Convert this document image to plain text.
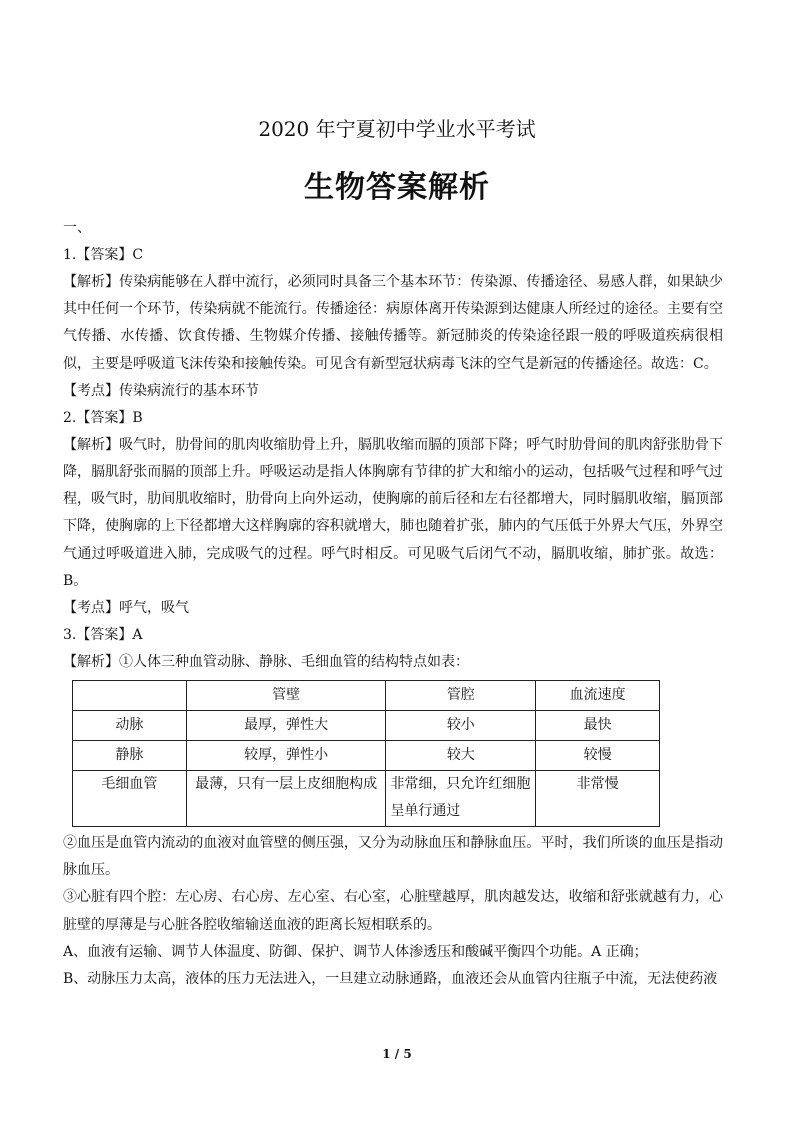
2020 年宁夏初中学业水平考试
生物答案解析
一、
1.【答案】C
【解析】传染病能够在人群中流行，必须同时具备三个基本环节：传染源、传播途径、易感人群，如果缺少其中任何一个环节，传染病就不能流行。传播途径：病原体离开传染源到达健康人所经过的途径。主要有空气传播、水传播、饮食传播、生物媒介传播、接触传播等。新冠肺炎的传染途径跟一般的呼吸道疾病很相似，主要是呼吸道飞沫传染和接触传染。可见含有新型冠状病毒飞沫的空气是新冠的传播途径。故选：C。
【考点】传染病流行的基本环节
2.【答案】B
【解析】吸气时，肋骨间的肌肉收缩肋骨上升，膈肌收缩而膈的顶部下降；呼气时肋骨间的肌肉舒张肋骨下降，膈肌舒张而膈的顶部上升。呼吸运动是指人体胸廓有节律的扩大和缩小的运动，包括吸气过程和呼气过程，吸气时，肋间肌收缩时，肋骨向上向外运动，使胸廓的前后径和左右径都增大，同时膈肌收缩，膈顶部下降，使胸廓的上下径都增大这样胸廓的容积就增大，肺也随着扩张，肺内的气压低于外界大气压，外界空气通过呼吸道进入肺，完成吸气的过程。呼气时相反。可见吸气后闭气不动，膈肌收缩，肺扩张。故选：B。
【考点】呼气，吸气
3.【答案】A
【解析】①人体三种血管动脉、静脉、毛细血管的结构特点如表：
	管壁	管腔	血流速度
动脉	最厚，弹性大	较小	最快
静脉	较厚，弹性小	较大	较慢
毛细血管	最薄，只有一层上皮细胞构成	非常细，只允许红细胞呈单行通过	非常慢
②血压是血管内流动的血液对血管壁的侧压强，又分为动脉血压和静脉血压。平时，我们所谈的血压是指动脉血压。
③心脏有四个腔：左心房、右心房、左心室、右心室，心脏壁越厚，肌肉越发达，收缩和舒张就越有力，心脏壁的厚薄是与心脏各腔收缩输送血液的距离长短相联系的。
A、血液有运输、调节人体温度、防御、保护、调节人体渗透压和酸碱平衡四个功能。A 正确；
B、动脉压力太高，液体的压力无法进入，一旦建立动脉通路，血液还会从血管内往瓶子中流，无法使药液
1 / 5
